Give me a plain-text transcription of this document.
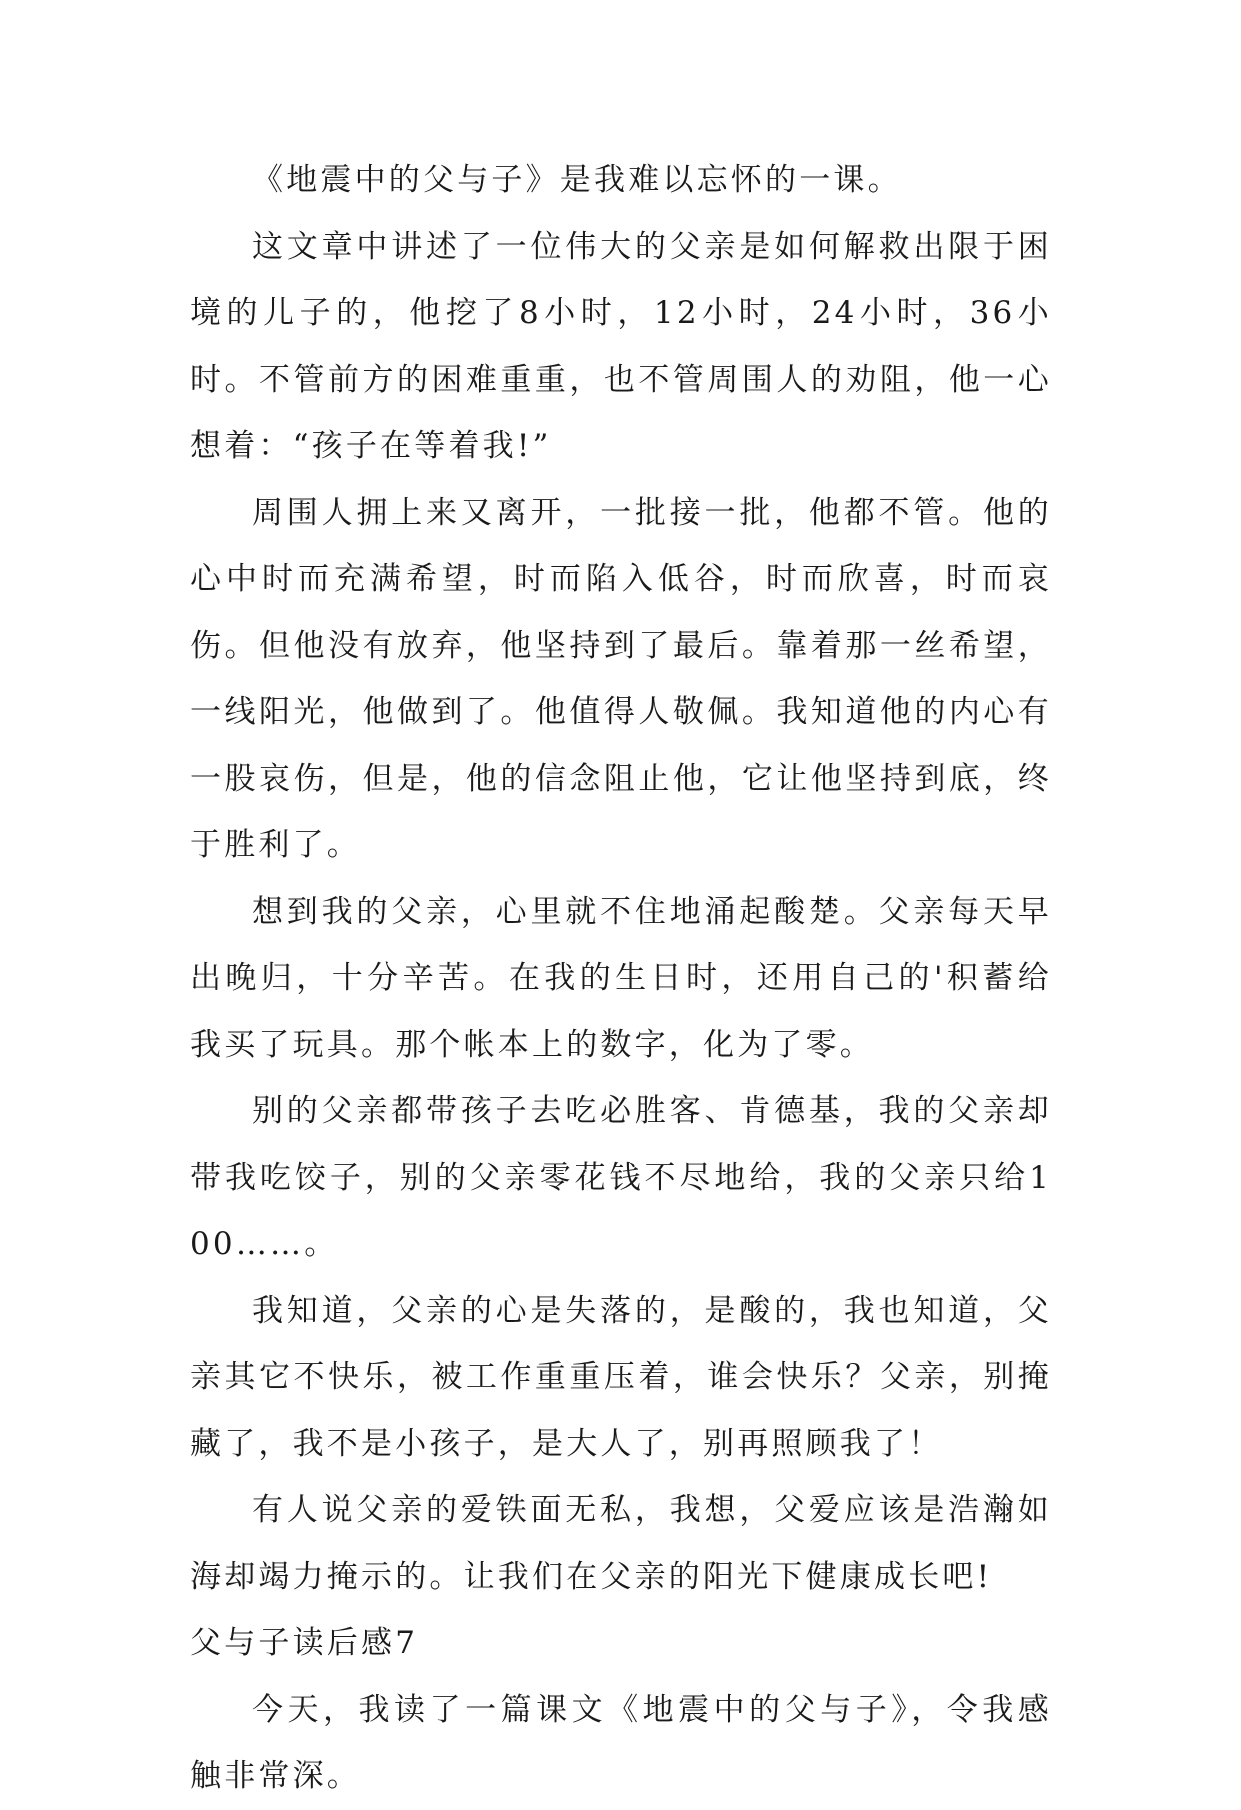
《地震中的父与子》是我难以忘怀的一课。

这文章中讲述了一位伟大的父亲是如何解救出限于困境的儿子的，他挖了8小时，12小时，24小时，36小时。不管前方的困难重重，也不管周围人的劝阻，他一心想着：“孩子在等着我!”

周围人拥上来又离开，一批接一批，他都不管。他的心中时而充满希望，时而陷入低谷，时而欣喜，时而哀伤。但他没有放弃，他坚持到了最后。靠着那一丝希望，一线阳光，他做到了。他值得人敬佩。我知道他的内心有一股哀伤，但是，他的信念阻止他，它让他坚持到底，终于胜利了。

想到我的父亲，心里就不住地涌起酸楚。父亲每天早出晚归，十分辛苦。在我的生日时，还用自己的'积蓄给我买了玩具。那个帐本上的数字，化为了零。

别的父亲都带孩子去吃必胜客、肯德基，我的父亲却带我吃饺子，别的父亲零花钱不尽地给，我的父亲只给100……。

我知道，父亲的心是失落的，是酸的，我也知道，父亲其它不快乐，被工作重重压着，谁会快乐？父亲，别掩藏了，我不是小孩子，是大人了，别再照顾我了！

有人说父亲的爱铁面无私，我想，父爱应该是浩瀚如海却竭力掩示的。让我们在父亲的阳光下健康成长吧!

父与子读后感7

今天，我读了一篇课文《地震中的父与子》，令我感触非常深。
